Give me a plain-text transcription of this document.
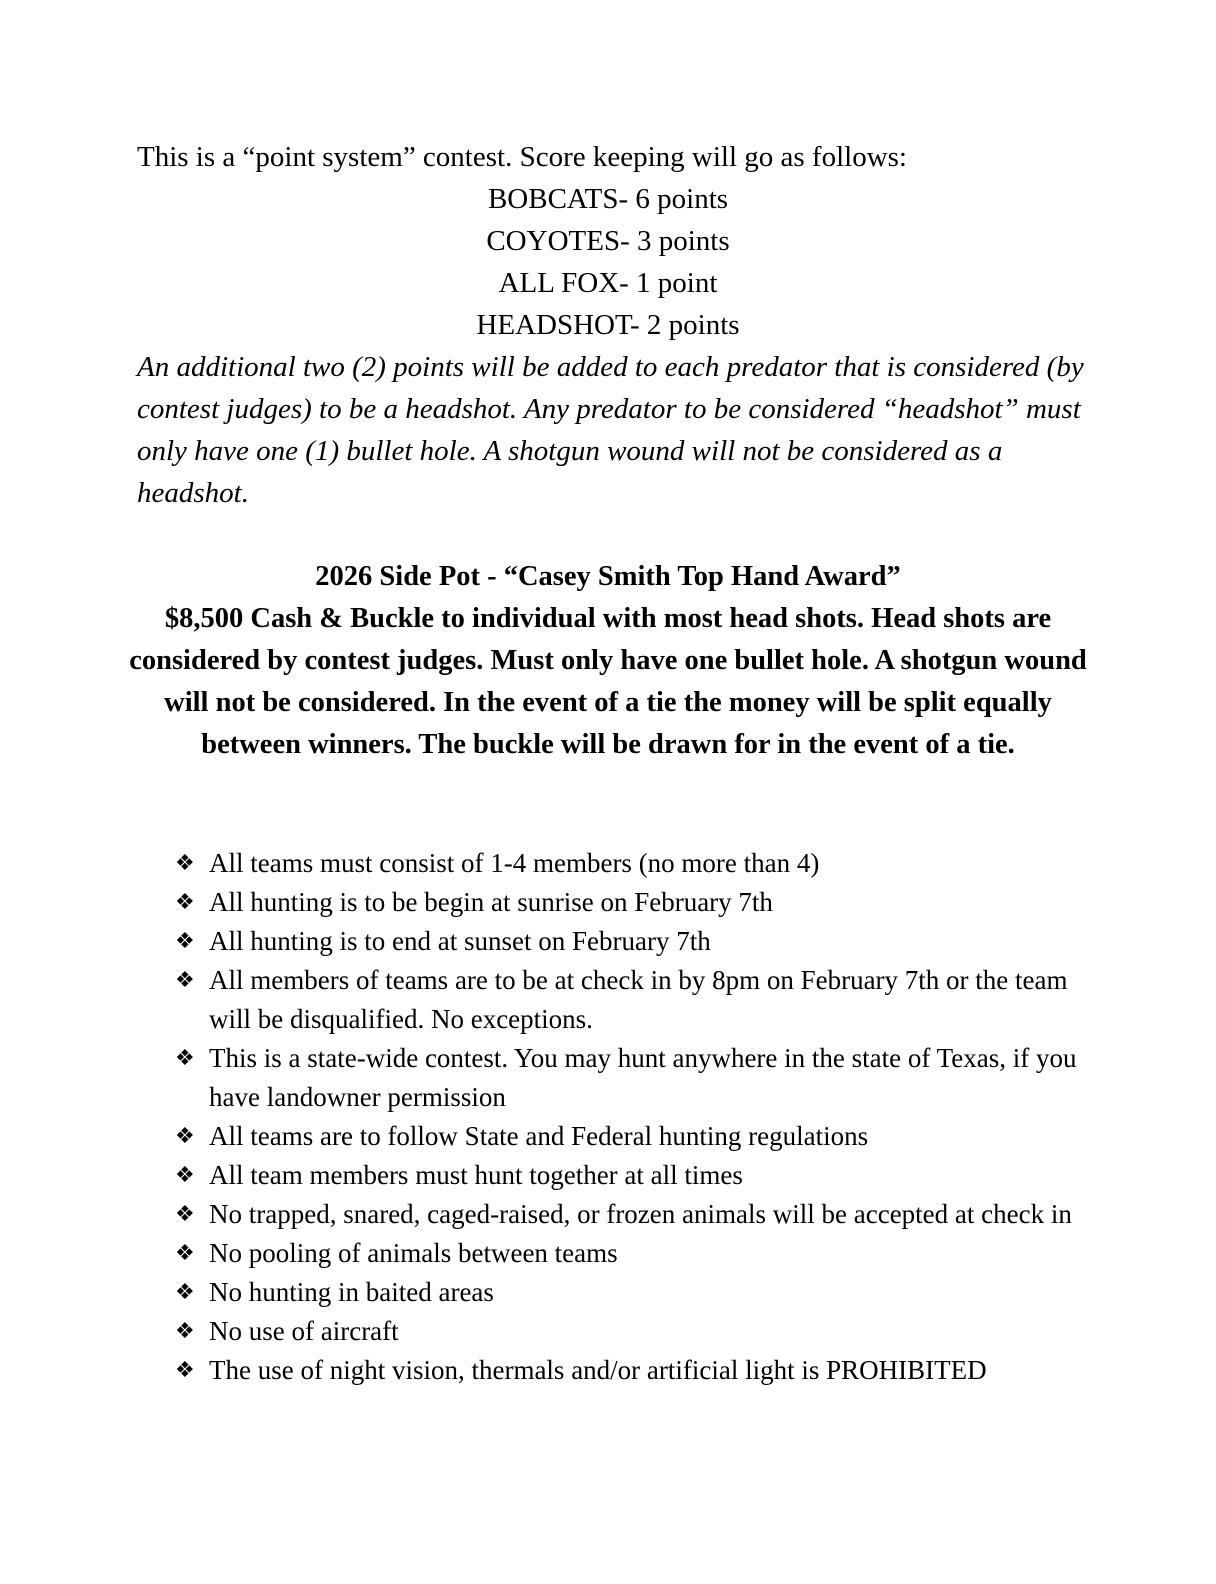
This is a “point system” contest. Score keeping will go as follows:
BOBCATS- 6 points
COYOTES- 3 points
ALL FOX- 1 point
HEADSHOT- 2 points
An additional two (2) points will be added to each predator that is considered (by contest judges) to be a headshot. Any predator to be considered “headshot” must only have one (1) bullet hole. A shotgun wound will not be considered as a headshot.
2026 Side Pot - “Casey Smith Top Hand Award”
$8,500 Cash & Buckle to individual with most head shots. Head shots are considered by contest judges. Must only have one bullet hole. A shotgun wound will not be considered. In the event of a tie the money will be split equally between winners. The buckle will be drawn for in the event of a tie.
❖ All teams must consist of 1-4 members (no more than 4)
❖ All hunting is to be begin at sunrise on February 7th
❖ All hunting is to end at sunset on February 7th
❖ All members of teams are to be at check in by 8pm on February 7th or the team will be disqualified. No exceptions.
❖ This is a state-wide contest. You may hunt anywhere in the state of Texas, if you have landowner permission
❖ All teams are to follow State and Federal hunting regulations
❖ All team members must hunt together at all times
❖ No trapped, snared, caged-raised, or frozen animals will be accepted at check in
❖ No pooling of animals between teams
❖ No hunting in baited areas
❖ No use of aircraft
❖ The use of night vision, thermals and/or artificial light is PROHIBITED
